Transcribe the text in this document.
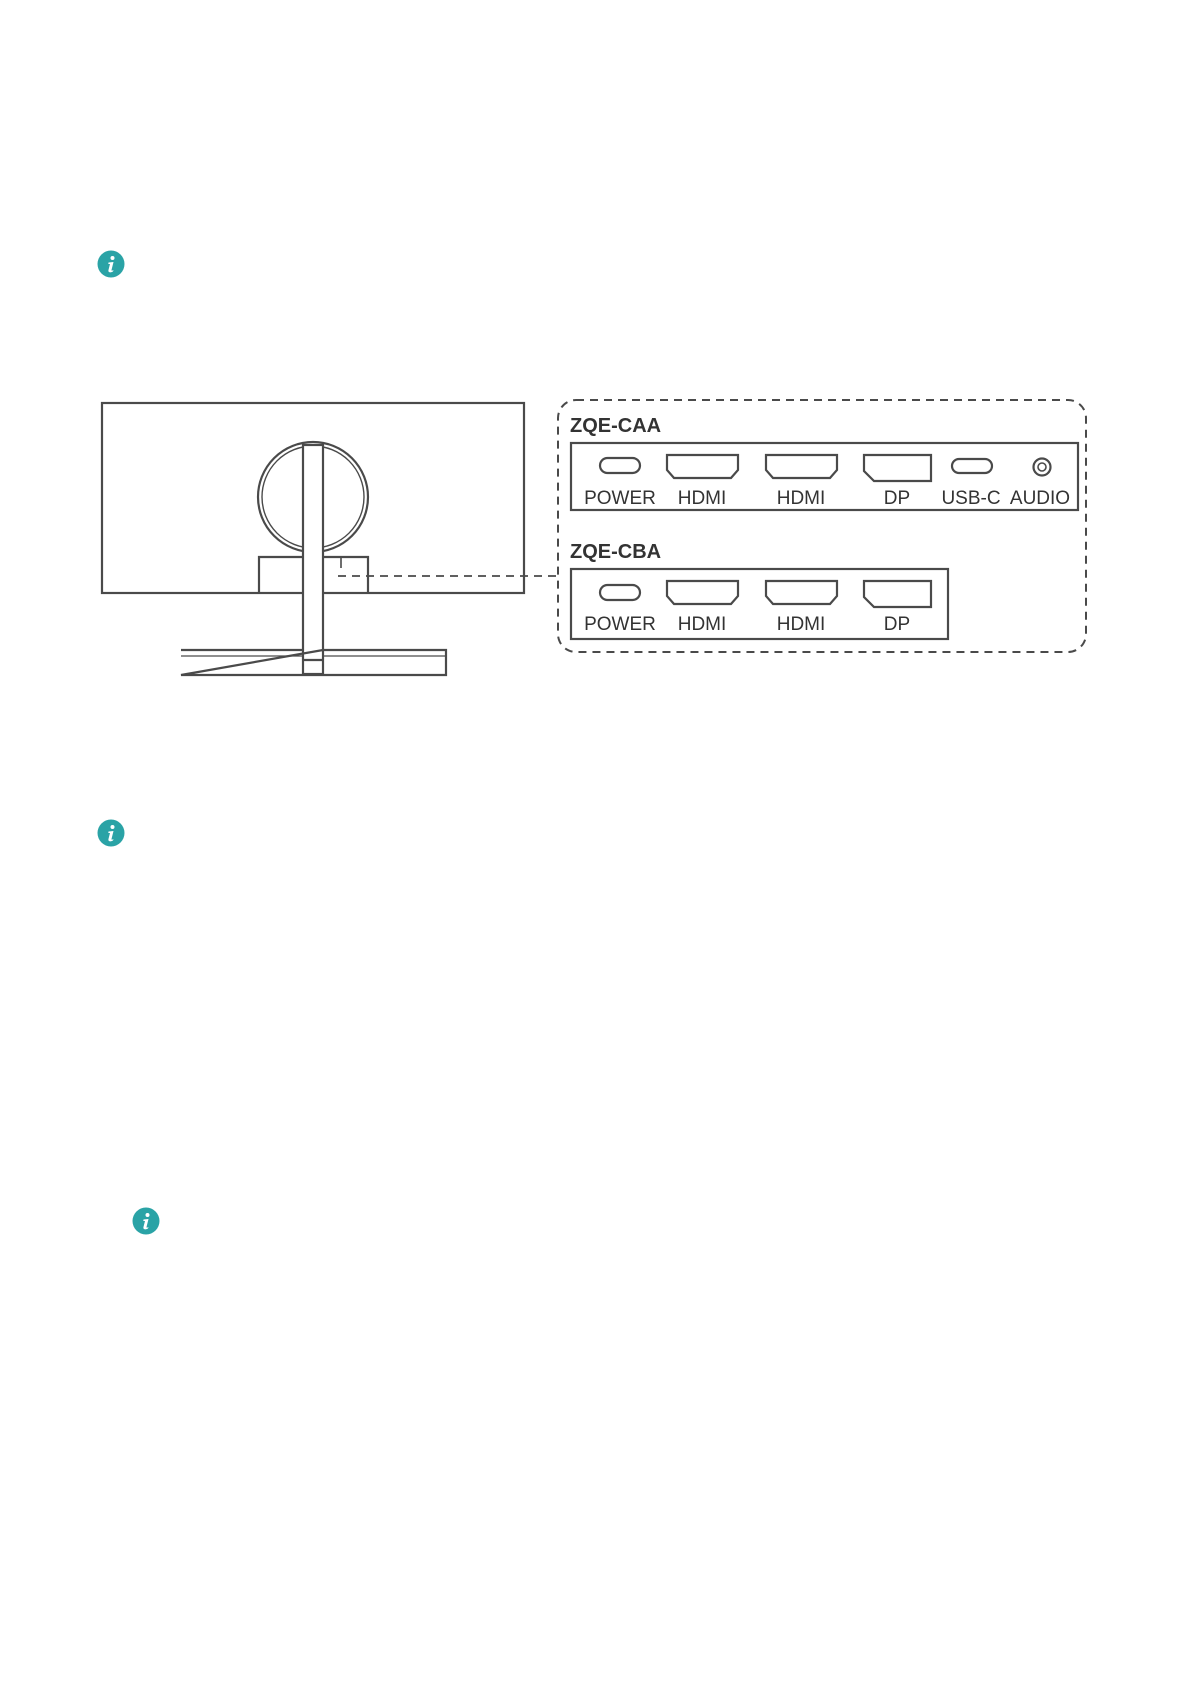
ZQE-CAA
ZQE-CBA
POWER HDMI	HDMI	DP USB-C AUDIO
POWER HDMI	HDMI	DP
